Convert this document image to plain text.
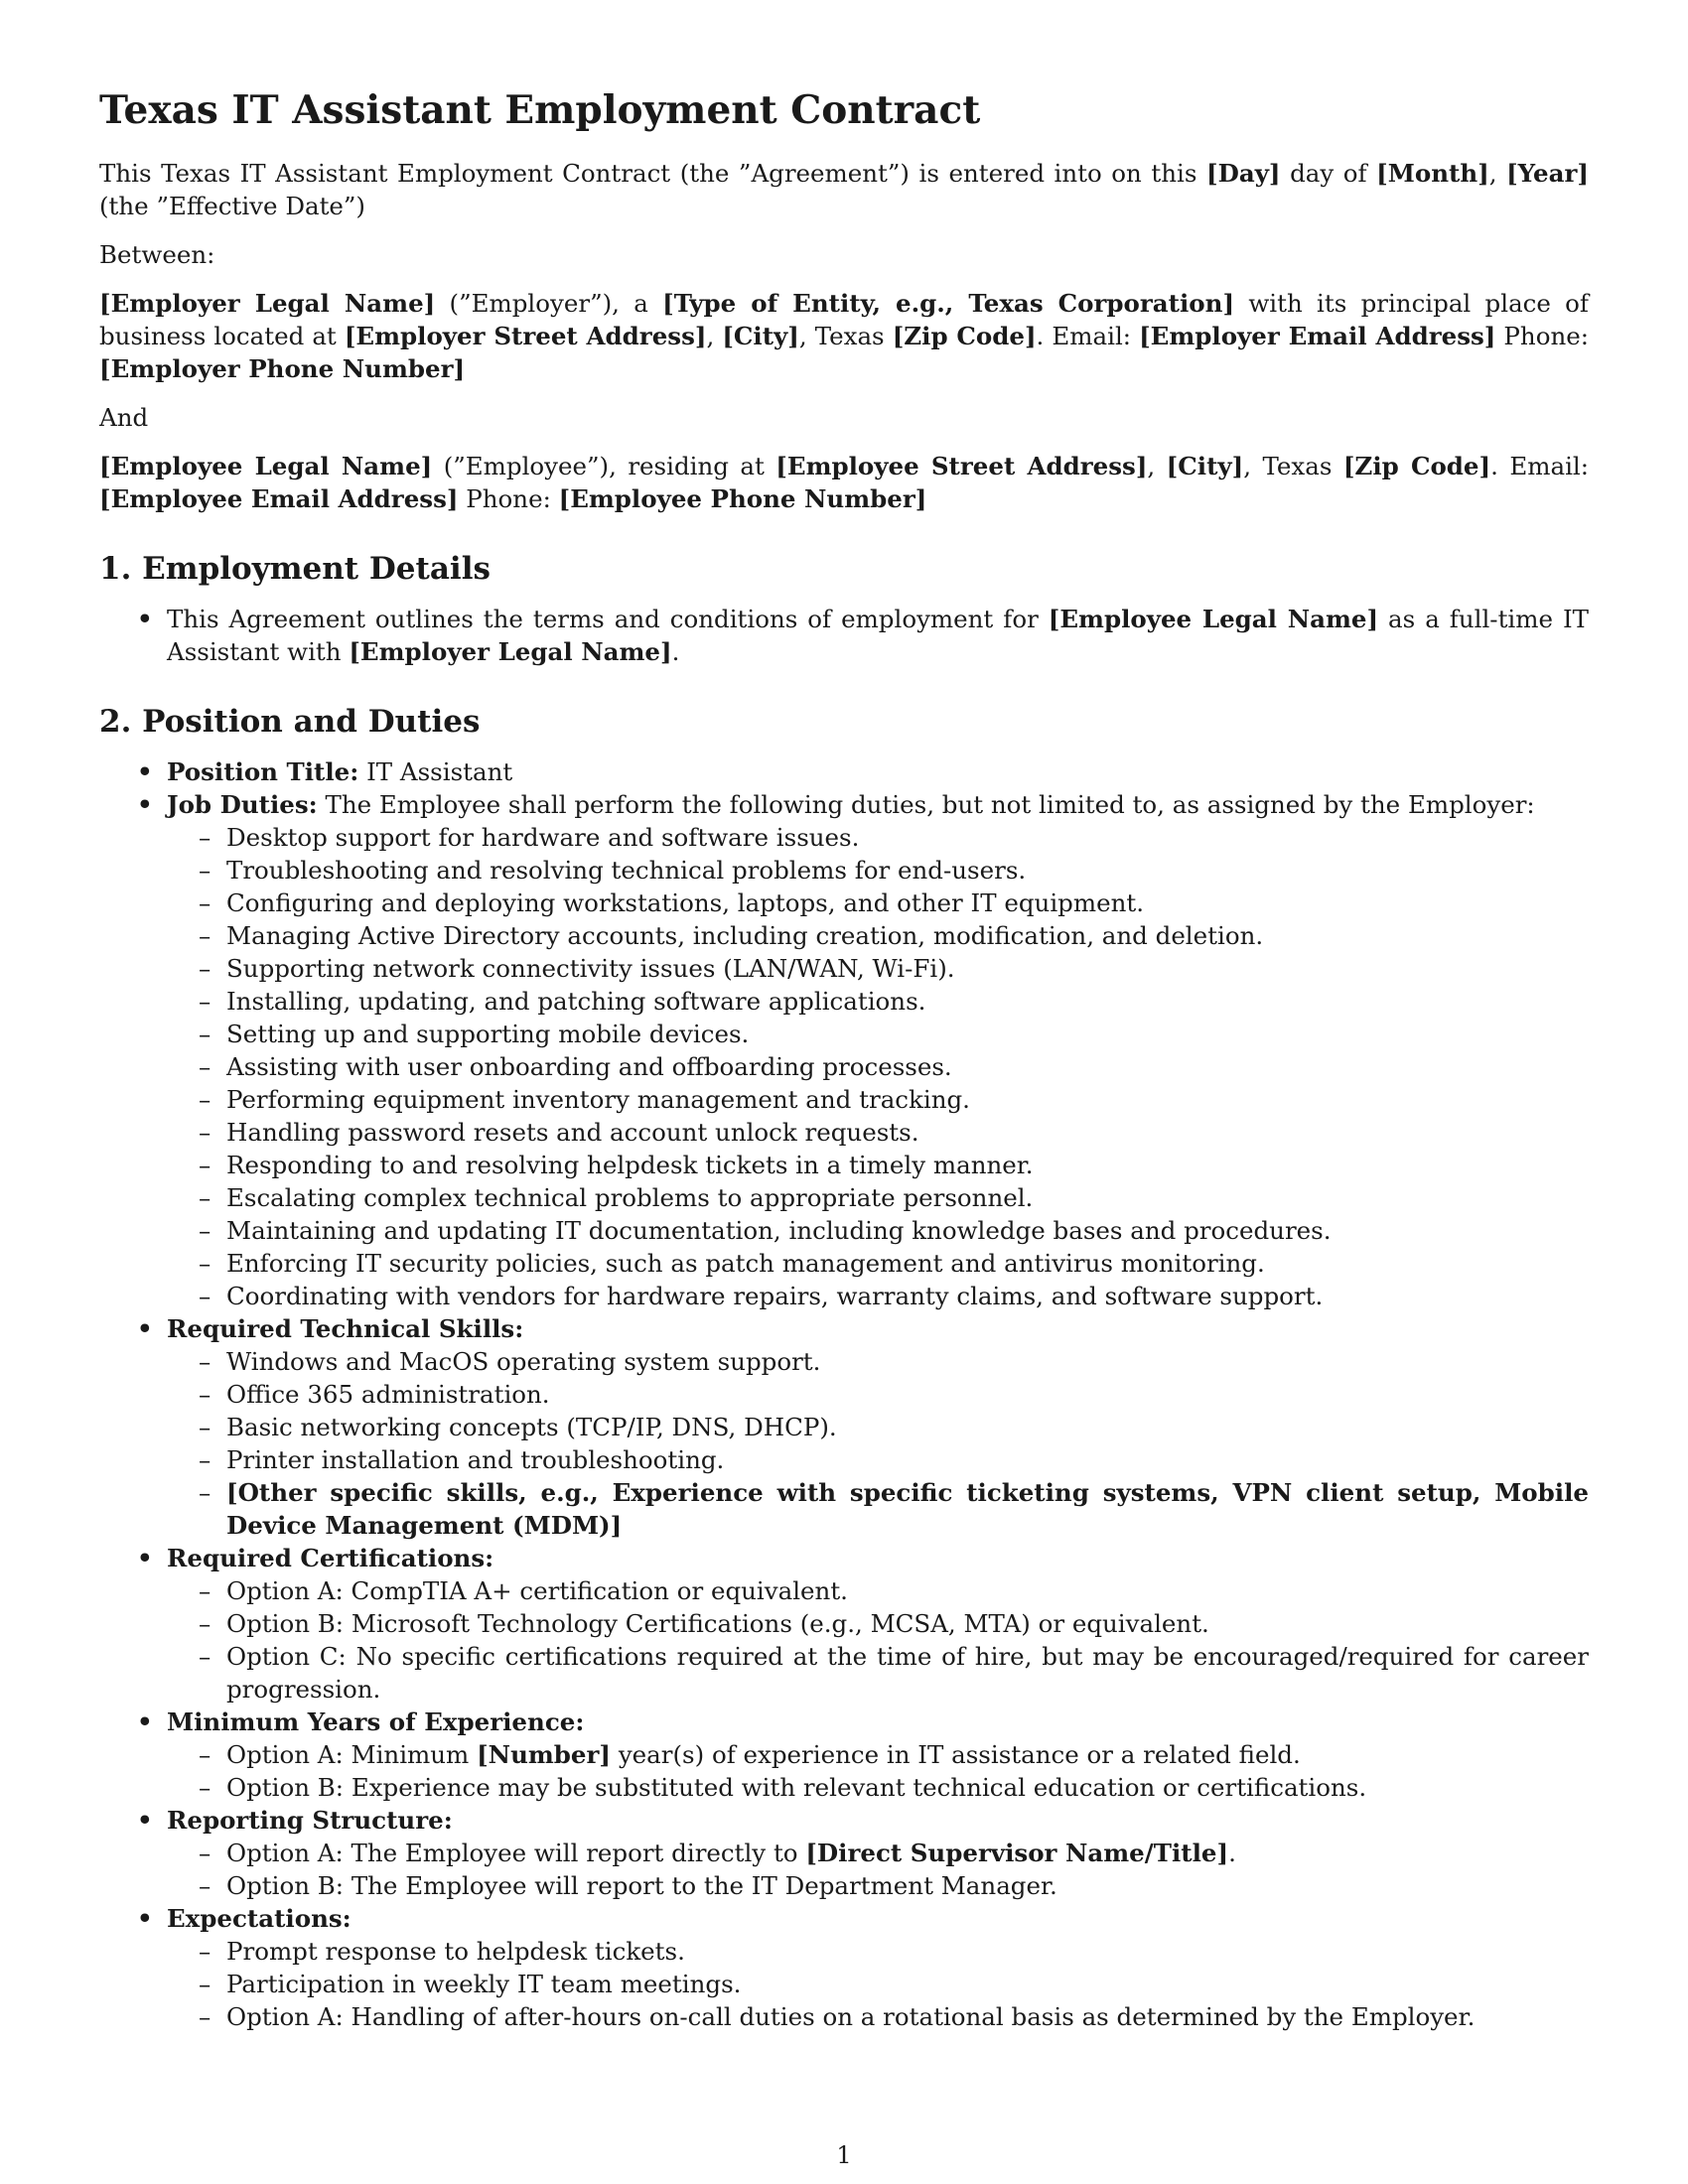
Texas IT Assistant Employment Contract

This Texas IT Assistant Employment Contract (the ”Agreement”) is entered into on this [Day] day of [Month], [Year] (the ”Effective Date”)

Between:

[Employer Legal Name] (”Employer”), a [Type of Entity, e.g., Texas Corporation] with its principal place of business located at [Employer Street Address], [City], Texas [Zip Code]. Email: [Employer Email Address] Phone: [Employer Phone Number]

And

[Employee Legal Name] (”Employee”), residing at [Employee Street Address], [City], Texas [Zip Code]. Email: [Employee Email Address] Phone: [Employee Phone Number]

1. Employment Details
• This Agreement outlines the terms and conditions of employment for [Employee Legal Name] as a full-time IT Assistant with [Employer Legal Name].
2. Position and Duties
• Position Title: IT Assistant
• Job Duties: The Employee shall perform the following duties, but not limited to, as assigned by the Employer:
– Desktop support for hardware and software issues.
– Troubleshooting and resolving technical problems for end-users.
– Configuring and deploying workstations, laptops, and other IT equipment.
– Managing Active Directory accounts, including creation, modification, and deletion.
– Supporting network connectivity issues (LAN/WAN, Wi-Fi).
– Installing, updating, and patching software applications.
– Setting up and supporting mobile devices.
– Assisting with user onboarding and offboarding processes.
– Performing equipment inventory management and tracking.
– Handling password resets and account unlock requests.
– Responding to and resolving helpdesk tickets in a timely manner.
– Escalating complex technical problems to appropriate personnel.
– Maintaining and updating IT documentation, including knowledge bases and procedures.
– Enforcing IT security policies, such as patch management and antivirus monitoring.
– Coordinating with vendors for hardware repairs, warranty claims, and software support.
• Required Technical Skills:
– Windows and MacOS operating system support.
– Office 365 administration.
– Basic networking concepts (TCP/IP, DNS, DHCP).
– Printer installation and troubleshooting.
– [Other specific skills, e.g., Experience with specific ticketing systems, VPN client setup, Mobile Device Management (MDM)]
• Required Certifications:
– Option A: CompTIA A+ certification or equivalent.
– Option B: Microsoft Technology Certifications (e.g., MCSA, MTA) or equivalent.
– Option C: No specific certifications required at the time of hire, but may be encouraged/required for career progression.
• Minimum Years of Experience:
– Option A: Minimum [Number] year(s) of experience in IT assistance or a related field.
– Option B: Experience may be substituted with relevant technical education or certifications.
• Reporting Structure:
– Option A: The Employee will report directly to [Direct Supervisor Name/Title].
– Option B: The Employee will report to the IT Department Manager.
• Expectations:
– Prompt response to helpdesk tickets.
– Participation in weekly IT team meetings.
– Option A: Handling of after-hours on-call duties on a rotational basis as determined by the Employer.
1
